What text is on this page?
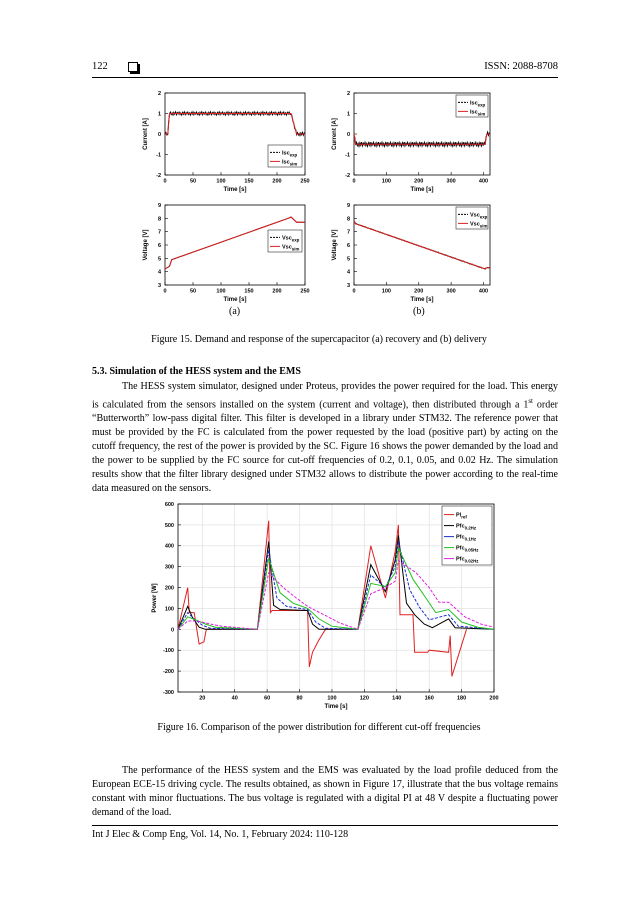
122	ISSN: 2088-8708
0	50	100	150	200	250
-2
-1
0
1
2
Time [s]
Current [A]
Isc$_{exp}$
Isc$_{sim}$
0	100	200	300	400
-2
-1
0
1
2
Time [s]
Current [A]
Isc$_{exp}$
Isc$_{sim}$
0	50	100	150	200	250
3
4
5
6
7
8
9
Time [s]
Voltage [V]	Vsc$_{exp}$
Vsc$_{sim}$
0	100	200	300	400
3
4
5
6
7
8
9
Time [s]
Voltage [V]
Vsc$_{exp}$
Vsc$_{sim}$
(a)	(b)
Figure 15. Demand and response of the supercapacitor (a) recovery and (b) delivery
5.3. Simulation of the HESS system and the EMS
The HESS system simulator, designed under Proteus, provides the power required for the load. This energy is calculated from the sensors installed on the system (current and voltage), then distributed through a 1st order “Butterworth” low-pass digital filter. This filter is developed in a library under STM32. The reference power that must be provided by the FC is calculated from the power requested by the load (positive part) by acting on the cutoff frequency, the rest of the power is provided by the SC. Figure 16 shows the power demanded by the load and the power to be supplied by the FC source for cut-off frequencies of 0.2, 0.1, 0.05, and 0.02 Hz. The simulation results show that the filter library designed under STM32 allows to distribute the power according to the real-time data measured on the sensors.
20	40	60	80	100	120	140	160	180	200
-300
-200
-100
0
100
200
300
400
500
600
Time [s]
Power [W]
$Pl_{ref}$
Pfc$_{0.2Hz}$
Pfc$_{0.1Hz}$
Pfc$_{0.05Hz}$
Pfc$_{0.02Hz}$
Figure 16. Comparison of the power distribution for different cut-off frequencies
The performance of the HESS system and the EMS was evaluated by the load profile deduced from the European ECE-15 driving cycle. The results obtained, as shown in Figure 17, illustrate that the bus voltage remains constant with minor fluctuations. The bus voltage is regulated with a digital PI at 48 V despite a fluctuating power demand of the load.
Int J Elec & Comp Eng, Vol. 14, No. 1, February 2024: 110-128
